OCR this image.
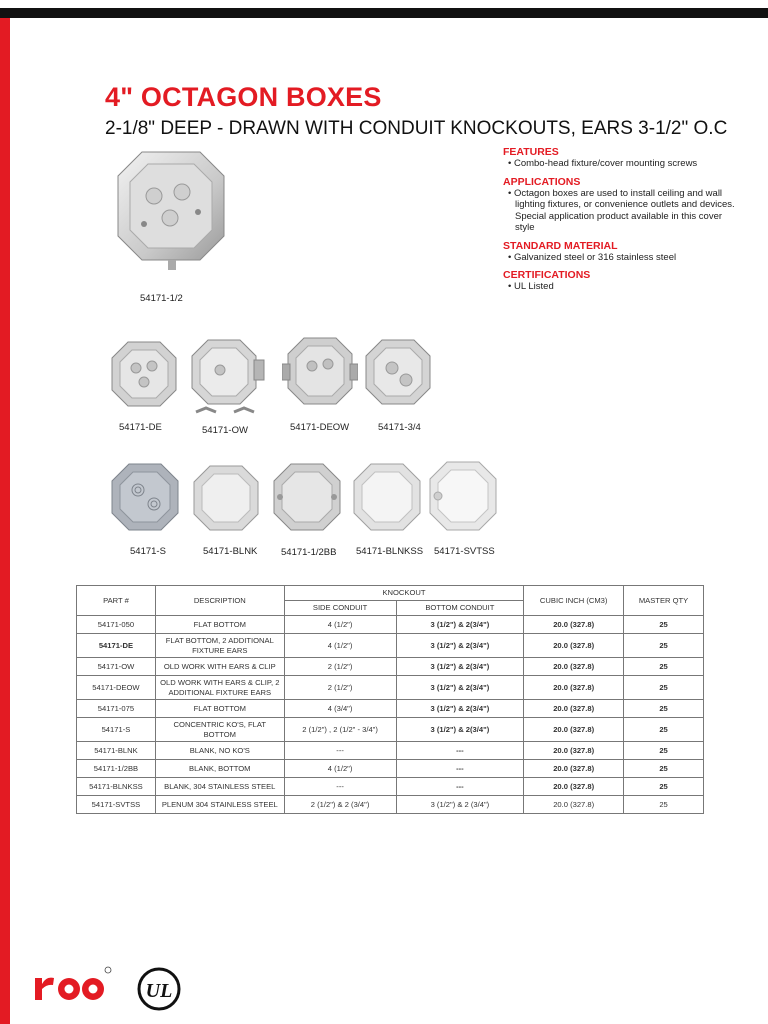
4" OCTAGON BOXES
2-1/8" DEEP - DRAWN WITH CONDUIT KNOCKOUTS, EARS 3-1/2" O.C
54171-1/2
FEATURES
• Combo-head fixture/cover mounting screws
APPLICATIONS
• Octagon boxes are used to install ceiling and wall lighting fixtures, or convenience outlets and devices. Special application product available in this cover style
STANDARD MATERIAL
• Galvanized steel or 316 stainless steel
CERTIFICATIONS
• UL Listed
54171-DE	54171-OW	54171-DEOW	54171-3/4
54171-S	54171-BLNK 54171-1/2BB 54171-BLNKSS 54171-SVTSS
PART #	DESCRIPTION	KNOCKOUT		CUBIC INCH (CM3)	MASTER QTY
		SIDE CONDUIT	BOTTOM CONDUIT		
54171-050	FLAT BOTTOM	4 (1/2")	3 (1/2") & 2(3/4")	20.0 (327.8)	25
54171-DE	FLAT BOTTOM, 2 ADDITIONAL FIXTURE EARS	4 (1/2")	3 (1/2") & 2(3/4")	20.0 (327.8)	25
54171-OW	OLD WORK WITH EARS & CLIP	2 (1/2")	3 (1/2") & 2(3/4")	20.0 (327.8)	25
54171-DEOW	OLD WORK WITH EARS & CLIP, 2 ADDITIONAL FIXTURE EARS	2 (1/2")	3 (1/2") & 2(3/4")	20.0 (327.8)	25
54171-075	FLAT BOTTOM	4 (3/4")	3 (1/2") & 2(3/4")	20.0 (327.8)	25
54171-S	CONCENTRIC KO'S, FLAT BOTTOM	2 (1/2") , 2 (1/2" - 3/4")	3 (1/2") & 2(3/4")	20.0 (327.8)	25
54171-BLNK	BLANK, NO KO'S	---	---	20.0 (327.8)	25
54171-1/2BB	BLANK, BOTTOM	4 (1/2")	---	20.0 (327.8)	25
54171-BLNKSS	BLANK, 304 STAINLESS STEEL	---	---	20.0 (327.8)	25
54171-SVTSS	PLENUM 304 STAINLESS STEEL	2 (1/2") & 2 (3/4")	3 (1/2") & 2 (3/4")	20.0 (327.8)	25
UL
